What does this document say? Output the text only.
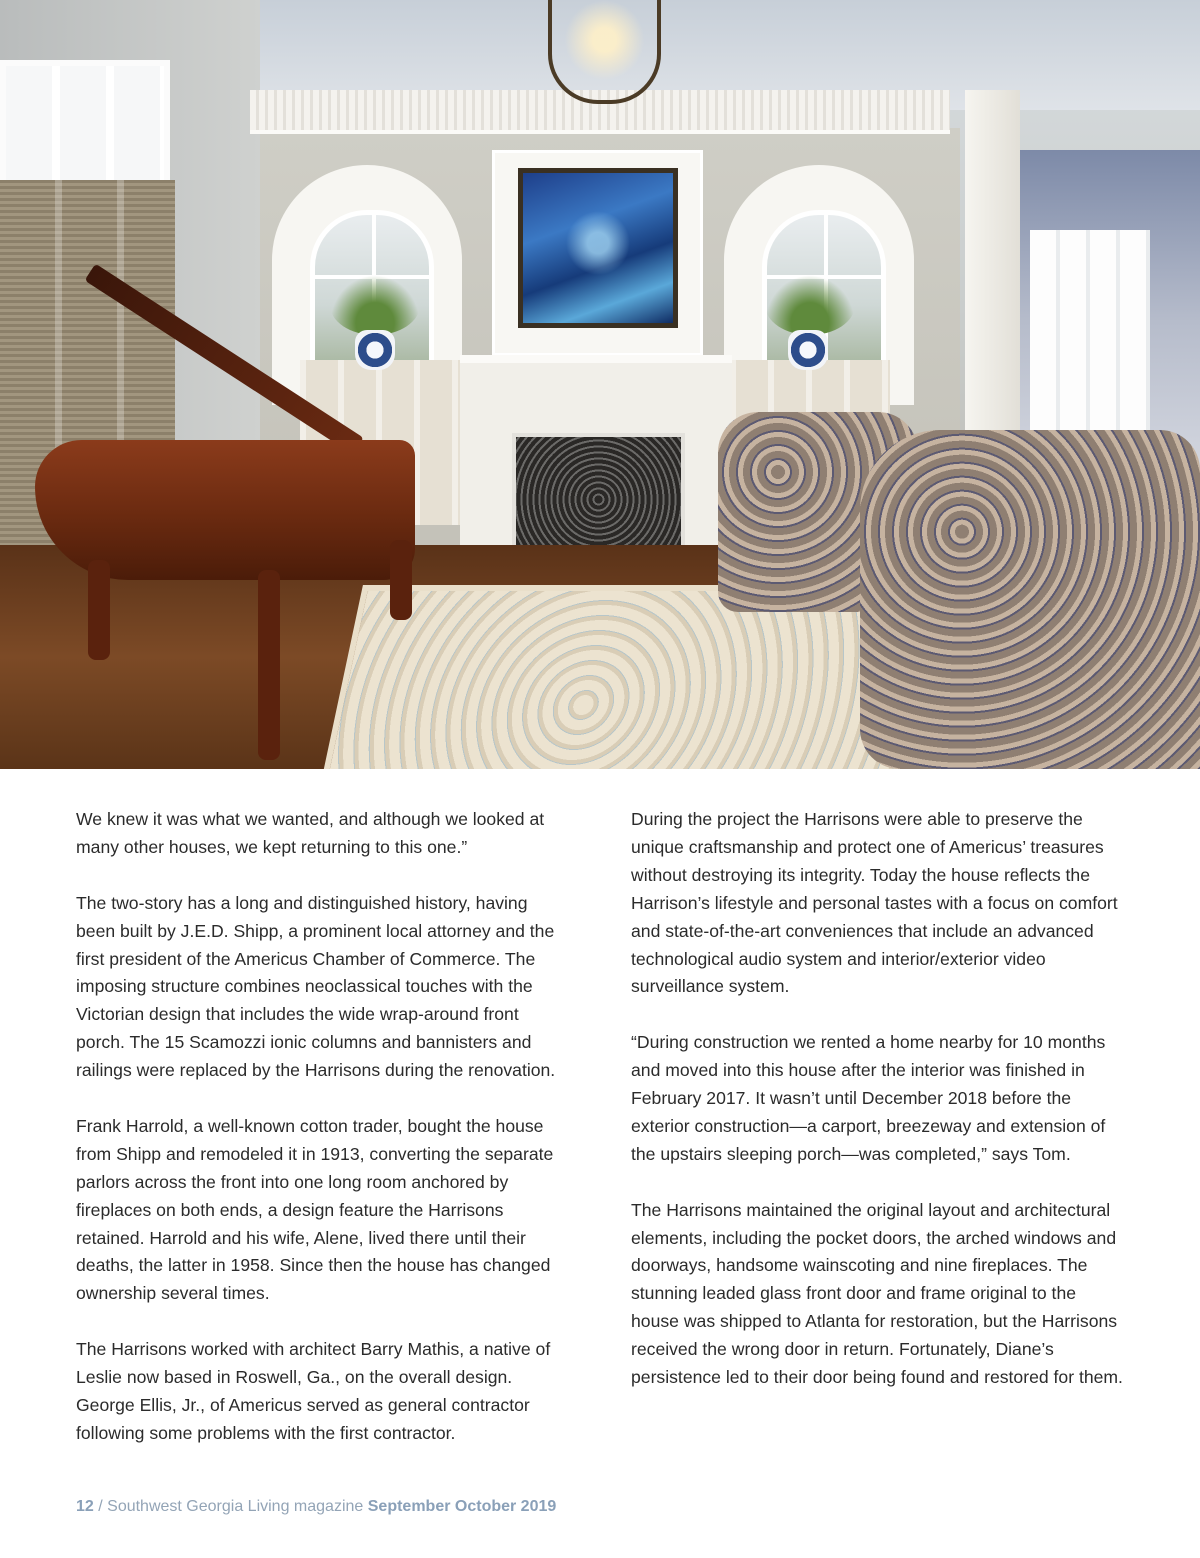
We knew it was what we wanted, and although we looked at many other houses, we kept returning to this one.”

The two-story has a long and distinguished history, having been built by J.E.D. Shipp, a prominent local attorney and the first president of the Americus Chamber of Commerce. The imposing structure combines neoclassical touches with the Victorian design that includes the wide wrap-around front porch. The 15 Scamozzi ionic columns and bannisters and railings were replaced by the Harrisons during the renovation.

Frank Harrold, a well-known cotton trader, bought the house from Shipp and remodeled it in 1913, converting the separate parlors across the front into one long room anchored by fireplaces on both ends, a design feature the Harrisons retained. Harrold and his wife, Alene, lived there until their deaths, the latter in 1958. Since then the house has changed ownership several times.

The Harrisons worked with architect Barry Mathis, a native of Leslie now based in Roswell, Ga., on the overall design. George Ellis, Jr., of Americus served as general contractor following some problems with the first contractor.

During the project the Harrisons were able to preserve the unique craftsmanship and protect one of Americus’ treasures without destroying its integrity. Today the house reflects the Harrison’s lifestyle and personal tastes with a focus on comfort and state-of-the-art conveniences that include an advanced technological audio system and interior/exterior video surveillance system.

“During construction we rented a home nearby for 10 months and moved into this house after the interior was finished in February 2017. It wasn’t until December 2018 before the exterior construction—a carport, breezeway and extension of the upstairs sleeping porch—was completed,” says Tom.

The Harrisons maintained the original layout and architectural elements, including the pocket doors, the arched windows and doorways, handsome wainscoting and nine fireplaces. The stunning leaded glass front door and frame original to the house was shipped to Atlanta for restoration, but the Harrisons received the wrong door in return. Fortunately, Diane’s persistence led to their door being found and restored for them.

12 / Southwest Georgia Living magazine September October 2019
